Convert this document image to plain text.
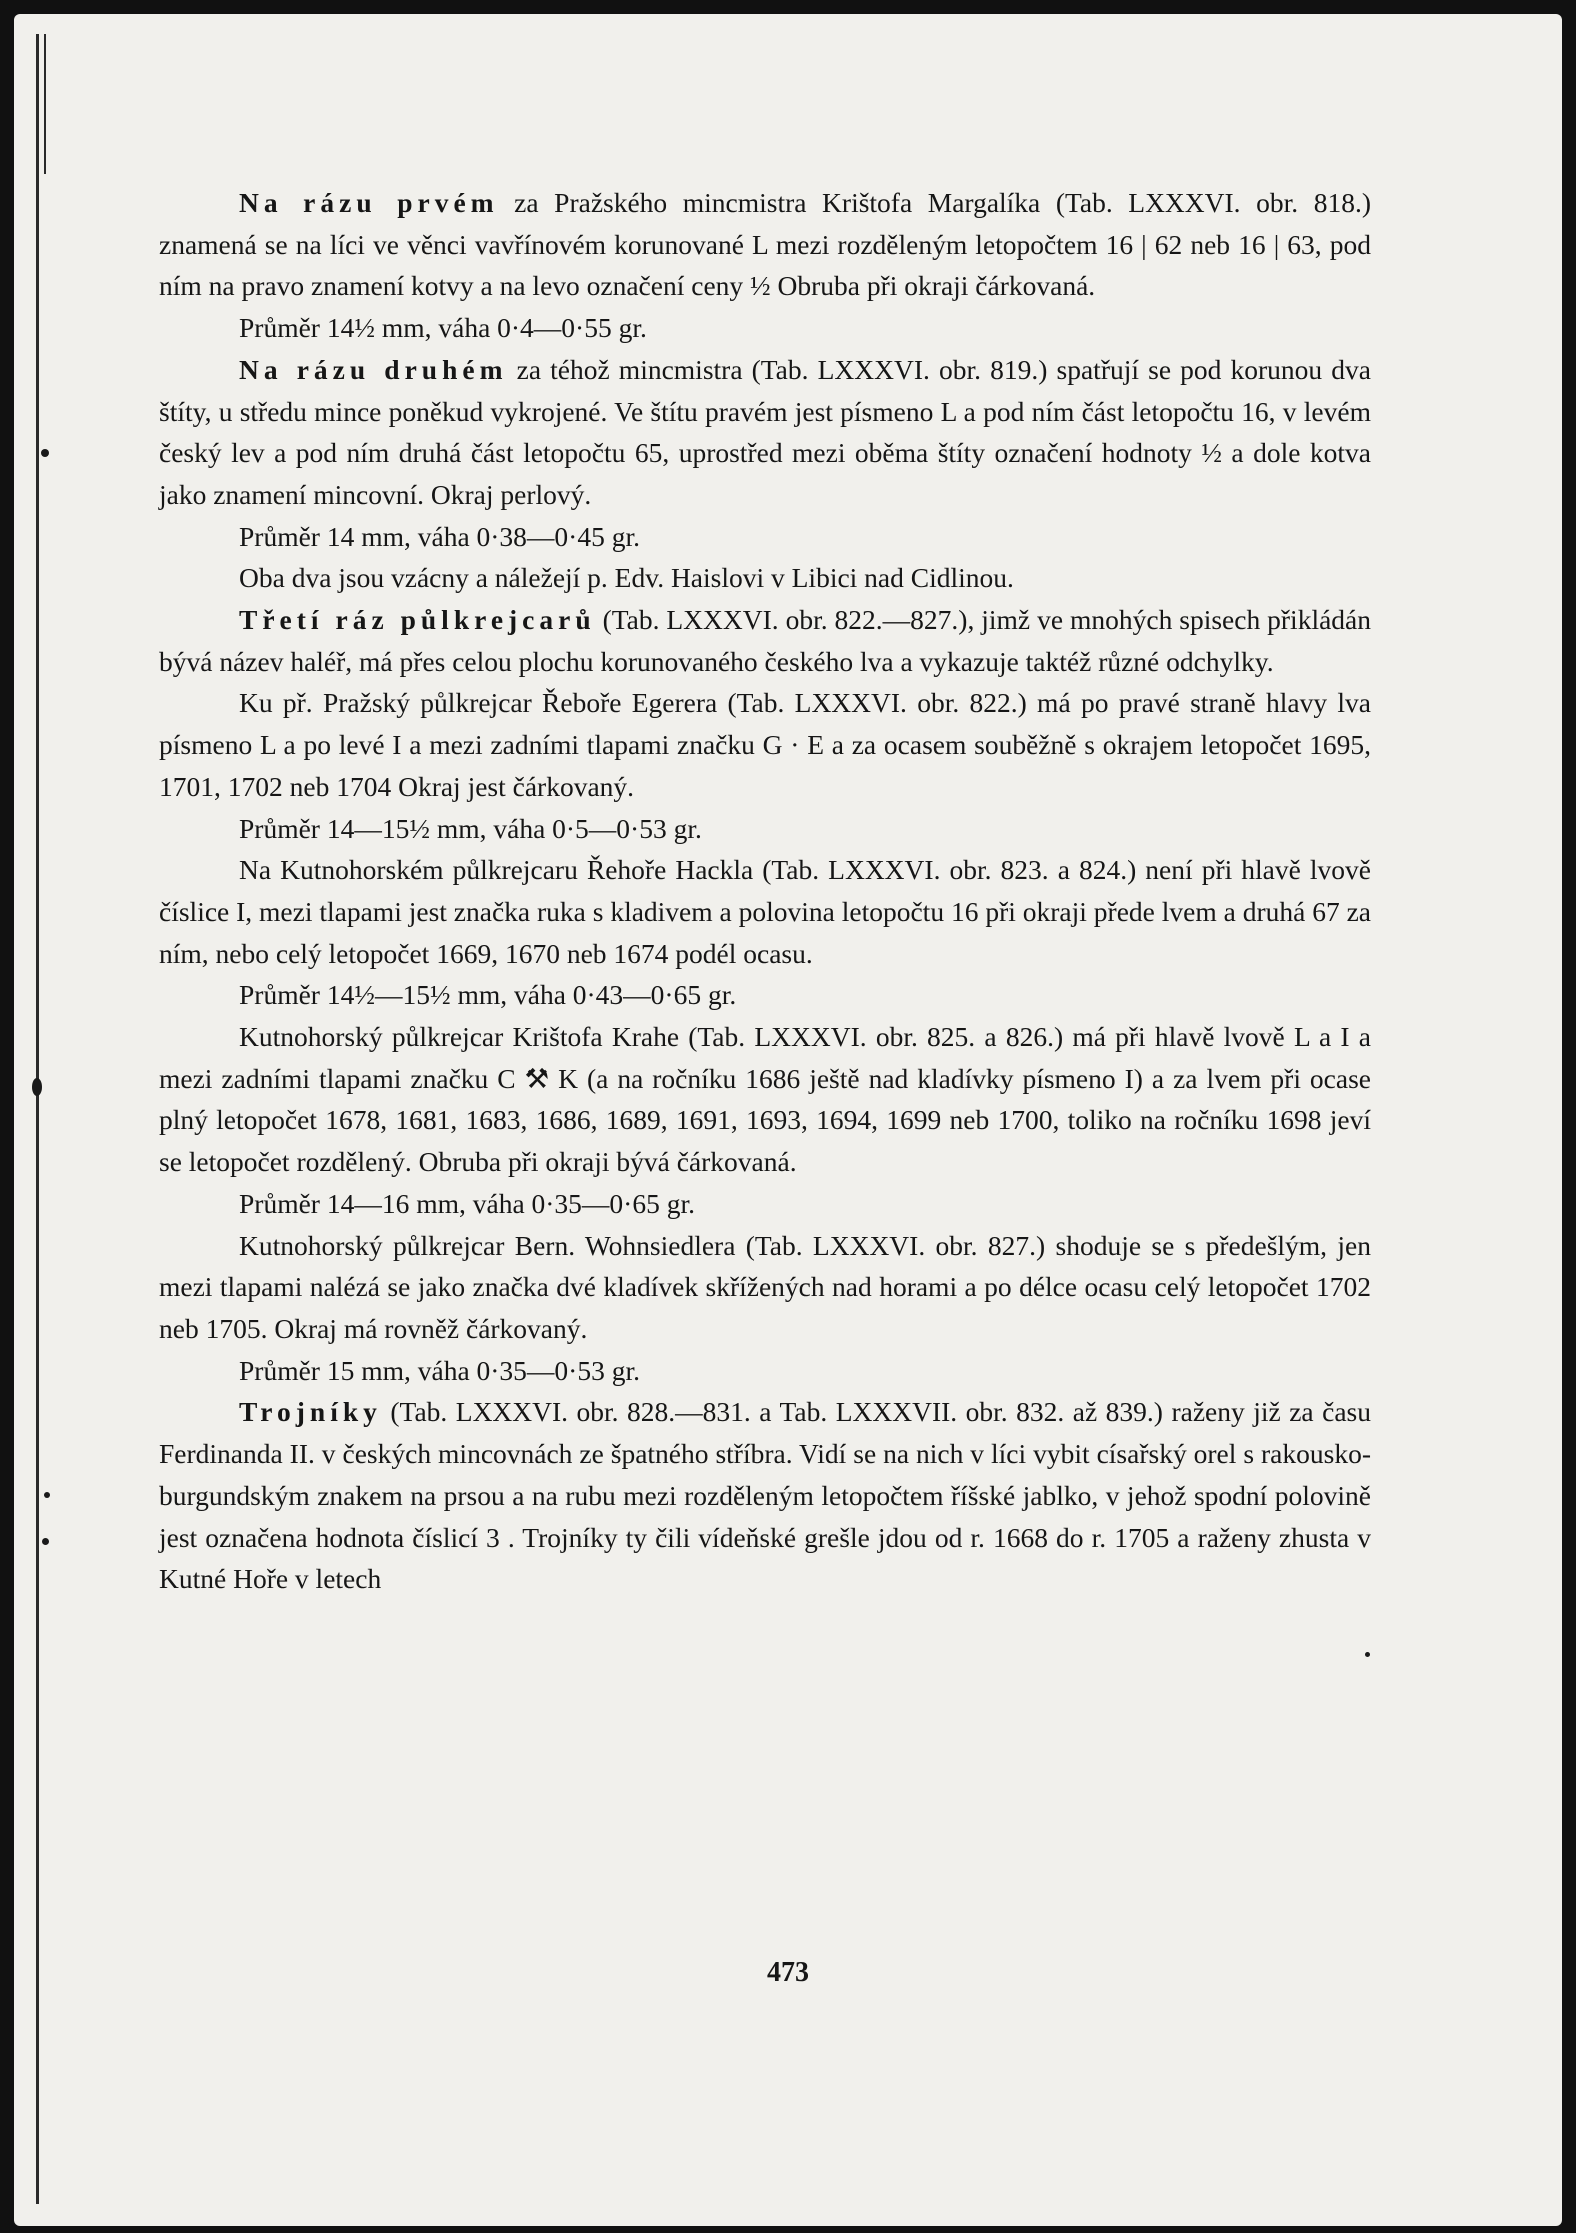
Na rázu prvém za Pražského mincmistra Krištofa Margalíka (Tab. LXXXVI. obr. 818.) znamená se na líci ve věnci vavřínovém korunované L mezi rozděleným letopočtem 16 | 62 neb 16 | 63, pod ním na pravo znamení kotvy a na levo označení ceny ½ Obruba při okraji čárkovaná.

Průměr 14½ mm, váha 0·4—0·55 gr.

Na rázu druhém za téhož mincmistra (Tab. LXXXVI. obr. 819.) spatřují se pod korunou dva štíty, u středu mince poněkud vykrojené. Ve štítu pravém jest písmeno L a pod ním část letopočtu 16, v levém český lev a pod ním druhá část letopočtu 65, uprostřed mezi oběma štíty označení hodnoty ½ a dole kotva jako znamení mincovní. Okraj perlový.

Průměr 14 mm, váha 0·38—0·45 gr.

Oba dva jsou vzácny a náležejí p. Edv. Haislovi v Libici nad Cidlinou.

Třetí ráz půlkrejcarů (Tab. LXXXVI. obr. 822.—827.), jimž ve mnohých spisech přikládán bývá název haléř, má přes celou plochu korunovaného českého lva a vykazuje taktéž různé odchylky.

Ku př. Pražský půlkrejcar Řeboře Egerera (Tab. LXXXVI. obr. 822.) má po pravé straně hlavy lva písmeno L a po levé I a mezi zadními tlapami značku G · E a za ocasem souběžně s okrajem letopočet 1695, 1701, 1702 neb 1704 Okraj jest čárkovaný.

Průměr 14—15½ mm, váha 0·5—0·53 gr.

Na Kutnohorském půlkrejcaru Řehoře Hackla (Tab. LXXXVI. obr. 823. a 824.) není při hlavě lvově číslice I, mezi tlapami jest značka ruka s kladivem a polovina letopočtu 16 při okraji přede lvem a druhá 67 za ním, nebo celý letopočet 1669, 1670 neb 1674 podél ocasu.

Průměr 14½—15½ mm, váha 0·43—0·65 gr.

Kutnohorský půlkrejcar Krištofa Krahe (Tab. LXXXVI. obr. 825. a 826.) má při hlavě lvově L a I a mezi zadními tlapami značku C ⚒ K (a na ročníku 1686 ještě nad kladívky písmeno I) a za lvem při ocase plný letopočet 1678, 1681, 1683, 1686, 1689, 1691, 1693, 1694, 1699 neb 1700, toliko na ročníku 1698 jeví se letopočet rozdělený. Obruba při okraji bývá čárkovaná.

Průměr 14—16 mm, váha 0·35—0·65 gr.

Kutnohorský půlkrejcar Bern. Wohnsiedlera (Tab. LXXXVI. obr. 827.) shoduje se s předešlým, jen mezi tlapami nalézá se jako značka dvé kladívek skřížených nad horami a po délce ocasu celý letopočet 1702 neb 1705. Okraj má rovněž čárkovaný.

Průměr 15 mm, váha 0·35—0·53 gr.

Trojníky (Tab. LXXXVI. obr. 828.—831. a Tab. LXXXVII. obr. 832. až 839.) raženy již za času Ferdinanda II. v českých mincovnách ze špatného stříbra. Vidí se na nich v líci vybit císařský orel s rakousko-burgundským znakem na prsou a na rubu mezi rozděleným letopočtem říšské jablko, v jehož spodní polovině jest označena hodnota číslicí 3 . Trojníky ty čili vídeňské grešle jdou od r. 1668 do r. 1705 a raženy zhusta v Kutné Hoře v letech

473
